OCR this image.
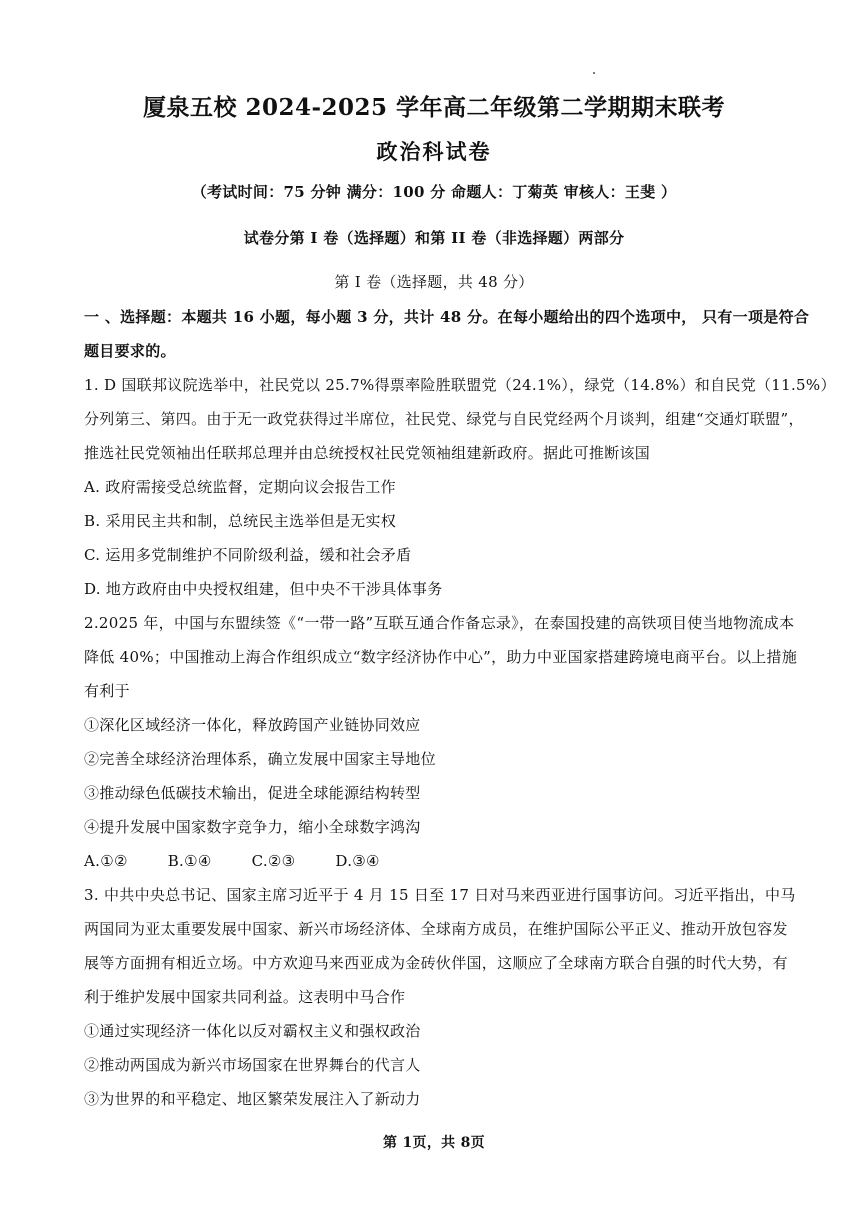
厦泉五校 2024-2025 学年高二年级第二学期期末联考
政治科试卷
（考试时间：75 分钟 满分：100 分 命题人：丁菊英 审核人：王斐 ）
试卷分第 I 卷（选择题）和第 II 卷（非选择题）两部分
第 I 卷（选择题，共 48 分）
一 、选择题：本题共 16 小题，每小题 3 分，共计 48 分。在每小题给出的四个选项中， 只有一项是符合
题目要求的。
1. D 国联邦议院选举中，社民党以 25.7%得票率险胜联盟党（24.1%），绿党（14.8%）和自民党（11.5%）
分列第三、第四。由于无一政党获得过半席位，社民党、绿党与自民党经两个月谈判，组建“交通灯联盟”，
推选社民党领袖出任联邦总理并由总统授权社民党领袖组建新政府。据此可推断该国
A. 政府需接受总统监督，定期向议会报告工作
B. 采用民主共和制，总统民主选举但是无实权
C. 运用多党制维护不同阶级利益，缓和社会矛盾
D. 地方政府由中央授权组建，但中央不干涉具体事务
2.2025 年，中国与东盟续签《“一带一路”互联互通合作备忘录》，在泰国投建的高铁项目使当地物流成本
降低 40%；中国推动上海合作组织成立“数字经济协作中心”，助力中亚国家搭建跨境电商平台。以上措施
有利于
①深化区域经济一体化，释放跨国产业链协同效应
②完善全球经济治理体系，确立发展中国家主导地位
③推动绿色低碳技术输出，促进全球能源结构转型
④提升发展中国家数字竞争力，缩小全球数字鸿沟
A.①②	B.①④	C.②③	D.③④
3. 中共中央总书记、国家主席习近平于 4 月 15 日至 17 日对马来西亚进行国事访问。习近平指出，中马
两国同为亚太重要发展中国家、新兴市场经济体、全球南方成员，在维护国际公平正义、推动开放包容发
展等方面拥有相近立场。中方欢迎马来西亚成为金砖伙伴国，这顺应了全球南方联合自强的时代大势，有
利于维护发展中国家共同利益。这表明中马合作
①通过实现经济一体化以反对霸权主义和强权政治
②推动两国成为新兴市场国家在世界舞台的代言人
③为世界的和平稳定、地区繁荣发展注入了新动力
第 1页，共 8页
